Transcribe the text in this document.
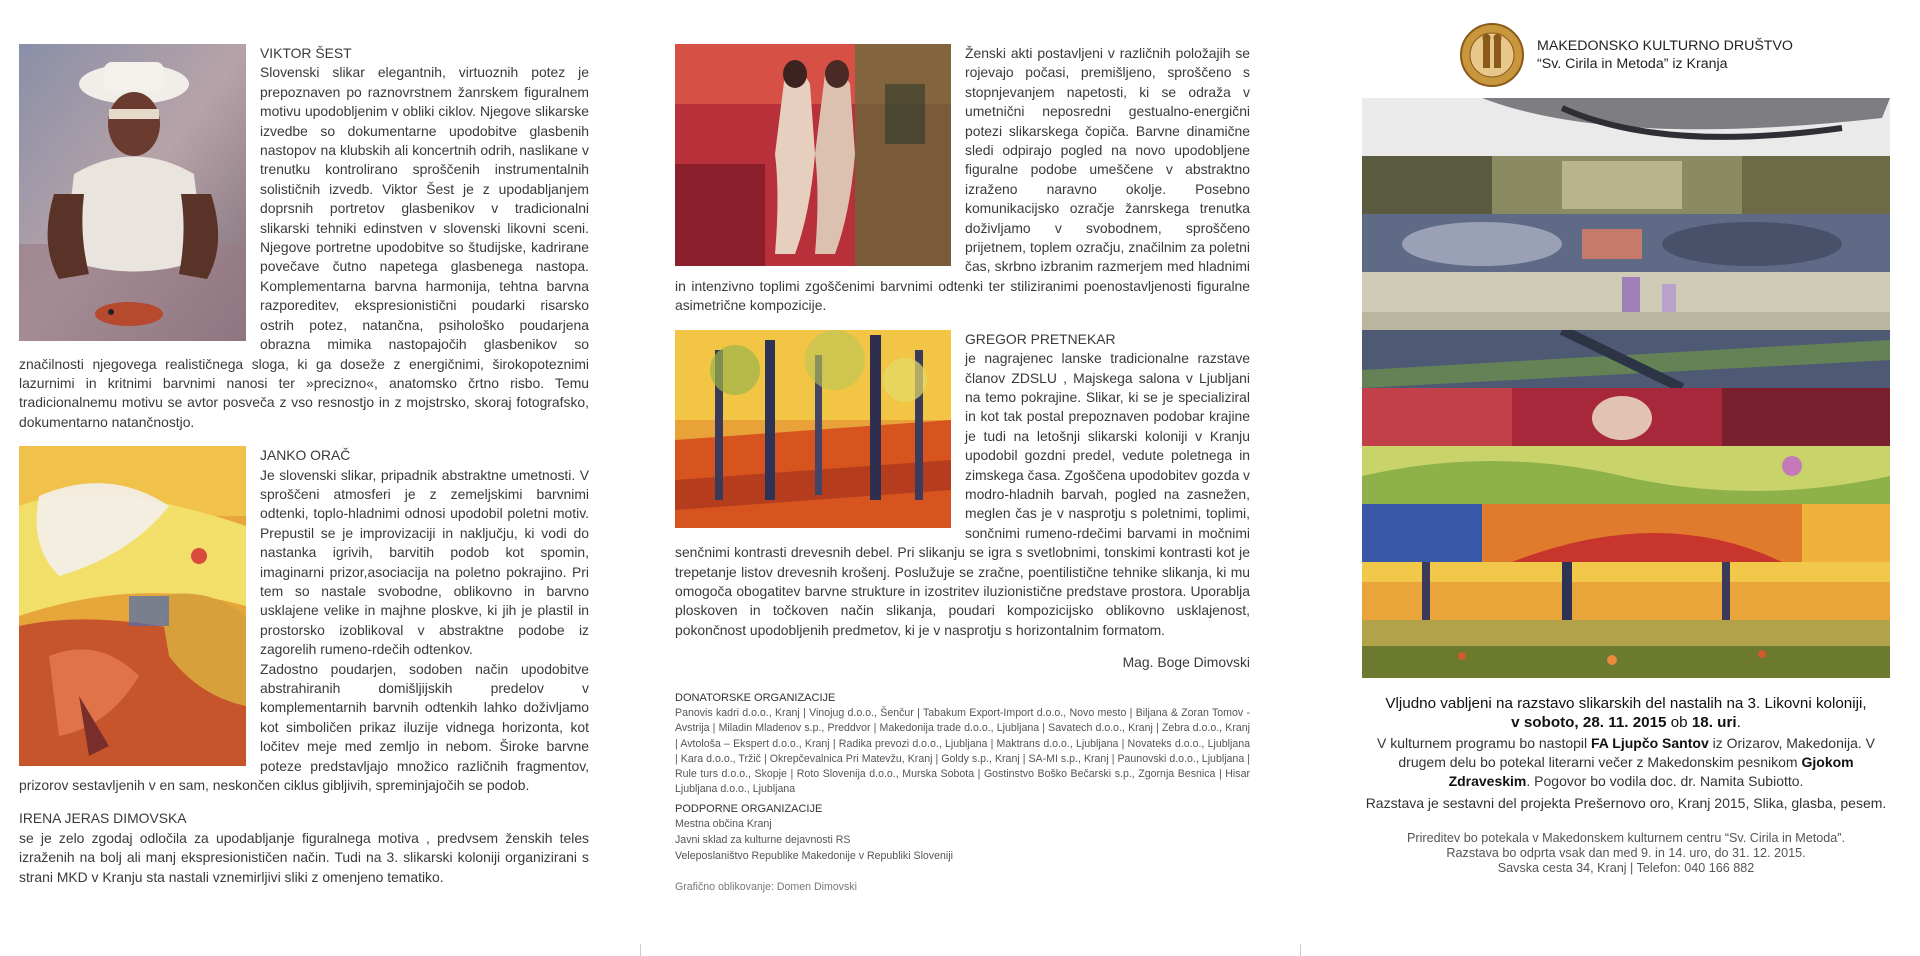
VIKTOR ŠEST
Slovenski slikar elegantnih, virtuoznih potez je prepoznaven po raznovrstnem žanrskem figuralnem motivu upodobljenim v obliki ciklov. Njegove slikarske izvedbe so dokumentarne upodobitve glasbenih nastopov na klubskih ali koncertnih odrih, naslikane v trenutku kontrolirano sproščenih instrumentalnih solističnih izvedb. Viktor Šest je z upodabljanjem doprsnih portretov glasbenikov v tradicionalni slikarski tehniki edinstven v slovenski likovni sceni. Njegove portretne upodobitve so študijske, kadrirane povečave čutno napetega glasbenega nastopa. Komplementarna barvna harmonija, tehtna barvna razporeditev, ekspresionistični poudarki risarsko ostrih potez, natančna, psihološko poudarjena obrazna mimika nastopajočih glasbenikov so značilnosti njegovega realističnega sloga, ki ga doseže z energičnimi, širokopoteznimi lazurnimi in kritnimi barvnimi nanosi ter »precizno«, anatomsko črtno risbo. Temu tradicionalnemu motivu se avtor posveča z vso resnostjo in z mojstrsko, skoraj fotografsko, dokumentarno natančnostjo.
JANKO ORAČ
Je slovenski slikar, pripadnik abstraktne umetnosti. V sproščeni atmosferi je z zemeljskimi barvnimi odtenki, toplo-hladnimi odnosi upodobil poletni motiv. Prepustil se je improvizaciji in naključju, ki vodi do nastanka igrivih, barvitih podob kot spomin, imaginarni prizor,asociacija na poletno pokrajino. Pri tem so nastale svobodne, oblikovno in barvno usklajene velike in majhne ploskve, ki jih je plastil in prostorsko izoblikoval v abstraktne podobe iz zagorelih rumeno-rdečih odtenkov.
Zadostno poudarjen, sodoben način upodobitve abstrahiranih domišljijskih predelov v komplementarnih barvnih odtenkih lahko doživljamo kot simboličen prikaz iluzije vidnega horizonta, kot ločitev meje med zemljo in nebom. Široke barvne poteze predstavljajo množico različnih fragmentov, prizorov sestavljenih v en sam, neskončen ciklus gibljivih, spreminjajočih se podob.
IRENA JERAS DIMOVSKA
se je zelo zgodaj odločila za upodabljanje figuralnega motiva , predvsem ženskih teles izraženih na bolj ali manj ekspresionističen način. Tudi na 3. slikarski koloniji organizirani s strani MKD v Kranju sta nastali vznemirljivi sliki z omenjeno tematiko.
Ženski akti postavljeni v različnih položajih se rojevajo počasi, premišljeno, sproščeno s stopnjevanjem napetosti, ki se odraža v umetnični neposredni gestualno-energični potezi slikarskega čopiča. Barvne dinamične sledi odpirajo pogled na novo upodobljene figuralne podobe umeščene v abstraktno izraženo naravno okolje. Posebno komunikacijsko ozračje žanrskega trenutka doživljamo v svobodnem, sproščeno prijetnem, toplem ozračju, značilnim za poletni čas, skrbno izbranim razmerjem med hladnimi in intenzivno toplimi zgoščenimi barvnimi odtenki ter stiliziranimi poenostavljenosti figuralne asimetrične kompozicije.
GREGOR PRETNEKAR
je nagrajenec lanske tradicionalne razstave članov ZDSLU , Majskega salona v Ljubljani na temo pokrajine. Slikar, ki se je specializiral in kot tak postal prepoznaven podobar krajine je tudi na letošnji slikarski koloniji v Kranju upodobil gozdni predel, vedute poletnega in zimskega časa. Zgoščena upodobitev gozda v modro-hladnih barvah, pogled na zasnežen, meglen čas je v nasprotju s poletnimi, toplimi, sončnimi rumeno-rdečimi barvami in močnimi senčnimi kontrasti drevesnih debel. Pri slikanju se igra s svetlobnimi, tonskimi kontrasti kot je trepetanje listov drevesnih krošenj. Poslužuje se zračne, poentilistične tehnike slikanja, ki mu omogoča obogatitev barvne strukture in izostritev iluzionistične predstave prostora. Uporablja ploskoven in točkoven način slikanja, poudari kompozicijsko oblikovno usklajenost, pokončnost upodobljenih predmetov, ki je v nasprotju s horizontalnim formatom.
Mag. Boge Dimovski
DONATORSKE ORGANIZACIJE
Panovis kadri d.o.o., Kranj | Vinojug d.o.o., Šenčur | Tabakum Export-Import d.o.o., Novo mesto | Biljana & Zoran Tomov - Avstrija | Miladin Mladenov s.p., Preddvor | Makedonija trade d.o.o., Ljubljana | Savatech d.o.o., Kranj | Zebra d.o.o., Kranj | Avtološa – Ekspert d.o.o., Kranj | Radika prevozi d.o.o., Ljubljana | Maktrans d.o.o., Ljubljana | Novateks d.o.o., Ljubljana | Kara d.o.o., Tržič | Okrepčevalnica Pri Matevžu, Kranj | Goldy s.p., Kranj | SA-MI s.p., Kranj | Paunovski d.o.o., Ljubljana | Rule turs d.o.o., Skopje | Roto Slovenija d.o.o., Murska Sobota | Gostinstvo Boško Bečarski s.p., Zgornja Besnica | Hisar Ljubljana d.o.o., Ljubljana
PODPORNE ORGANIZACIJE
Mestna občina Kranj
Javni sklad za kulturne dejavnosti RS
Veleposlaništvo Republike Makedonije v Republiki Sloveniji
Grafično oblikovanje: Domen Dimovski
MAKEDONSKO KULTURNO DRUŠTVO
“Sv. Cirila in Metoda” iz Kranja
Vljudno vabljeni na razstavo slikarskih del nastalih na 3. Likovni koloniji,
v soboto, 28. 11. 2015 ob 18. uri.
V kulturnem programu bo nastopil FA Ljupčo Santov iz Orizarov, Makedonija. V drugem delu bo potekal literarni večer z Makedonskim pesnikom Gjokom Zdraveskim. Pogovor bo vodila doc. dr. Namita Subiotto.
Razstava je sestavni del projekta Prešernovo oro, Kranj 2015, Slika, glasba, pesem.
Prireditev bo potekala v Makedonskem kulturnem centru “Sv. Cirila in Metoda”.
Razstava bo odprta vsak dan med 9. in 14. uro, do 31. 12. 2015.
Savska cesta 34, Kranj | Telefon: 040 166 882
